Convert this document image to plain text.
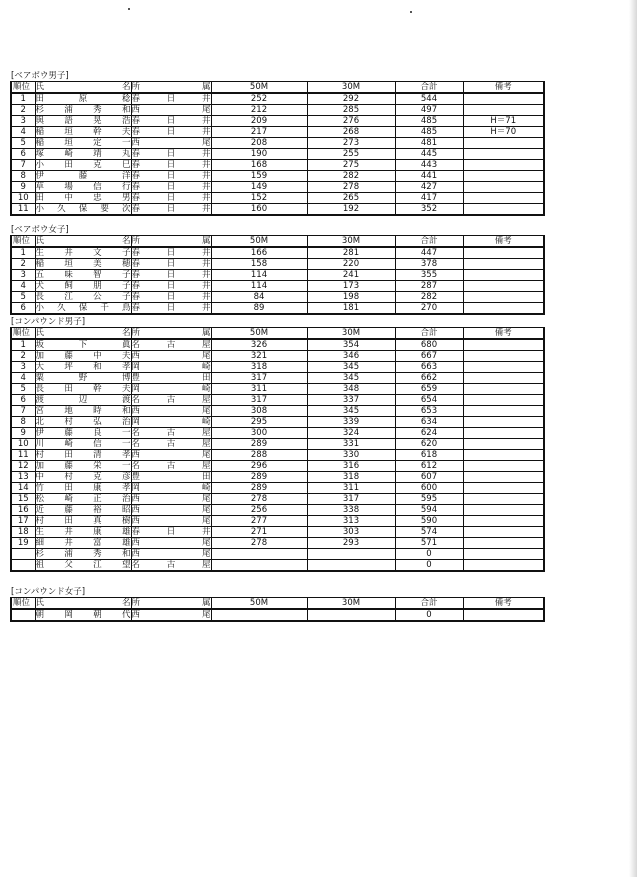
[ベアボウ男子]
順位	氏　名	所　属	50M	30M	合計	備考
1	田原稔	春日井	252	292	544	
2	杉浦秀和	西尾	212	285	497	
3	與語晃浩	春日井	209	276	485	H＝71
4	稲垣幹夫	春日井	217	268	485	H＝70
5	稲垣定一	西尾	208	273	481	
6	塚崎靖丸	春日井	190	255	445	
7	小田克巳	春日井	168	275	443	
8	伊藤洋	春日井	159	282	441	
9	草場信行	春日井	149	278	427	
10	田中忠男	春日井	152	265	417	
11	小久保要次	春日井	160	192	352	
[ベアボウ女子]
順位	氏　名	所　属	50M	30M	合計	備考
1	生井文子	春日井	166	281	447	
2	稲垣美穂	春日井	158	220	378	
3	五味智子	春日井	114	241	355	
4	犬飼朋子	春日井	114	173	287	
5	長江公子	春日井	84	198	282	
6	小久保千鳥	春日井	89	181	270	
[コンパウンド男子]
順位	氏　名	所　属	50M	30M	合計	備考
1	坂下眞	名古屋	326	354	680	
2	加藤中夫	西尾	321	346	667	
3	大坪和孝	岡崎	318	345	663	
4	粟野博	豊田	317	345	662	
5	長田幹夫	岡崎	311	348	659	
6	渡辺渡	名古屋	317	337	654	
7	宮地時和	西尾	308	345	653	
8	北村弘治	岡崎	295	339	634	
9	伊藤良一	名古屋	300	324	624	
10	川崎信一	名古屋	289	331	620	
11	村田清孝	西尾	288	330	618	
12	加藤栄一	名古屋	296	316	612	
13	中村克彦	豊田	289	318	607	
14	竹田康孝	岡崎	289	311	600	
15	松崎正治	西尾	278	317	595	
16	近藤裕昭	西尾	256	338	594	
17	村田真樹	西尾	277	313	590	
18	生井康雄	春日井	271	303	574	
19	細井富雄	西尾	278	293	571	
	杉浦秀和	西尾			0	
	祖父江望	名古屋			0	
[コンパウンド女子]
順位	氏　名	所　属	50M	30M	合計	備考
	朝岡朝代	西尾			0	
